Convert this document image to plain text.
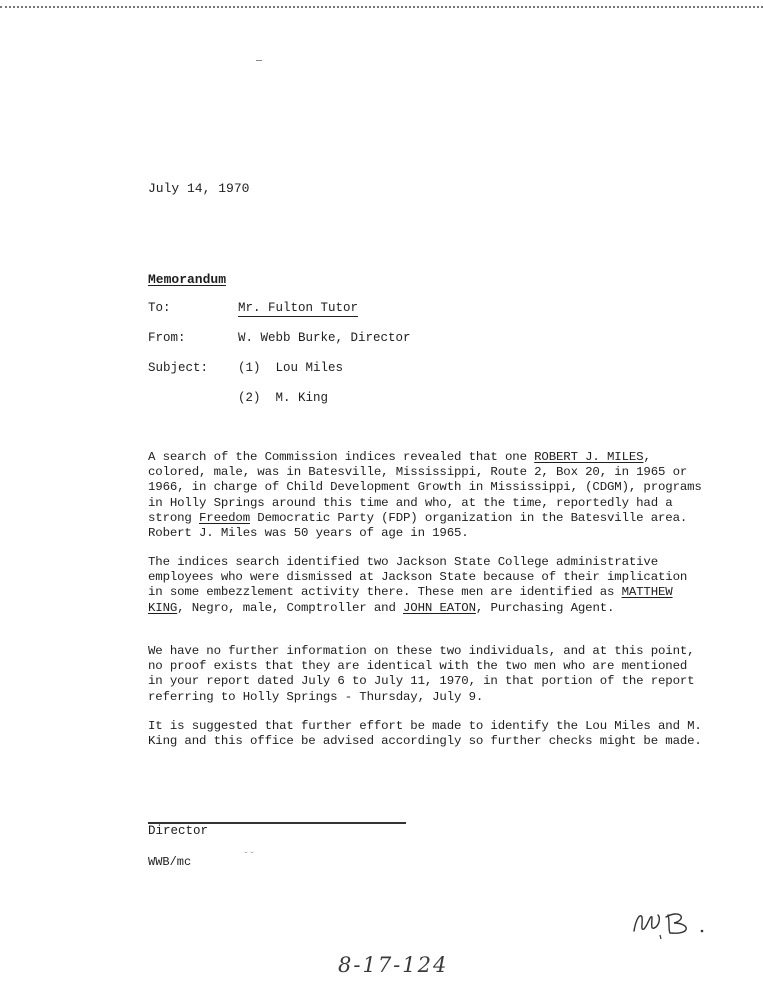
July 14, 1970
Memorandum
To:	Mr. Fulton Tutor
From:	W. Webb Burke, Director
Subject: (1)  Lou Miles
(2)  M. King

A search of the Commission indices revealed that one ROBERT J. MILES, colored, male, was in Batesville, Mississippi, Route 2, Box 20, in 1965 or 1966, in charge of Child Development Growth in Mississippi, (CDGM), programs in Holly Springs around this time and who, at the time, reportedly had a strong Freedom Democratic Party (FDP) organization in the Batesville area. Robert J. Miles was 50 years of age in 1965.

The indices search identified two Jackson State College administrative employees who were dismissed at Jackson State because of their implication in some embezzlement activity there. These men are identified as MATTHEW KING, Negro, male, Comptroller and JOHN EATON, Purchasing Agent.

We have no further information on these two individuals, and at this point, no proof exists that they are identical with the two men who are mentioned in your report dated July 6 to July 11, 1970, in that portion of the report referring to Holly Springs - Thursday, July 9.

It is suggested that further effort be made to identify the Lou Miles and M. King and this office be advised accordingly so further checks might be made.

Director
ˇˇ
WWB/mc
8-17-124
